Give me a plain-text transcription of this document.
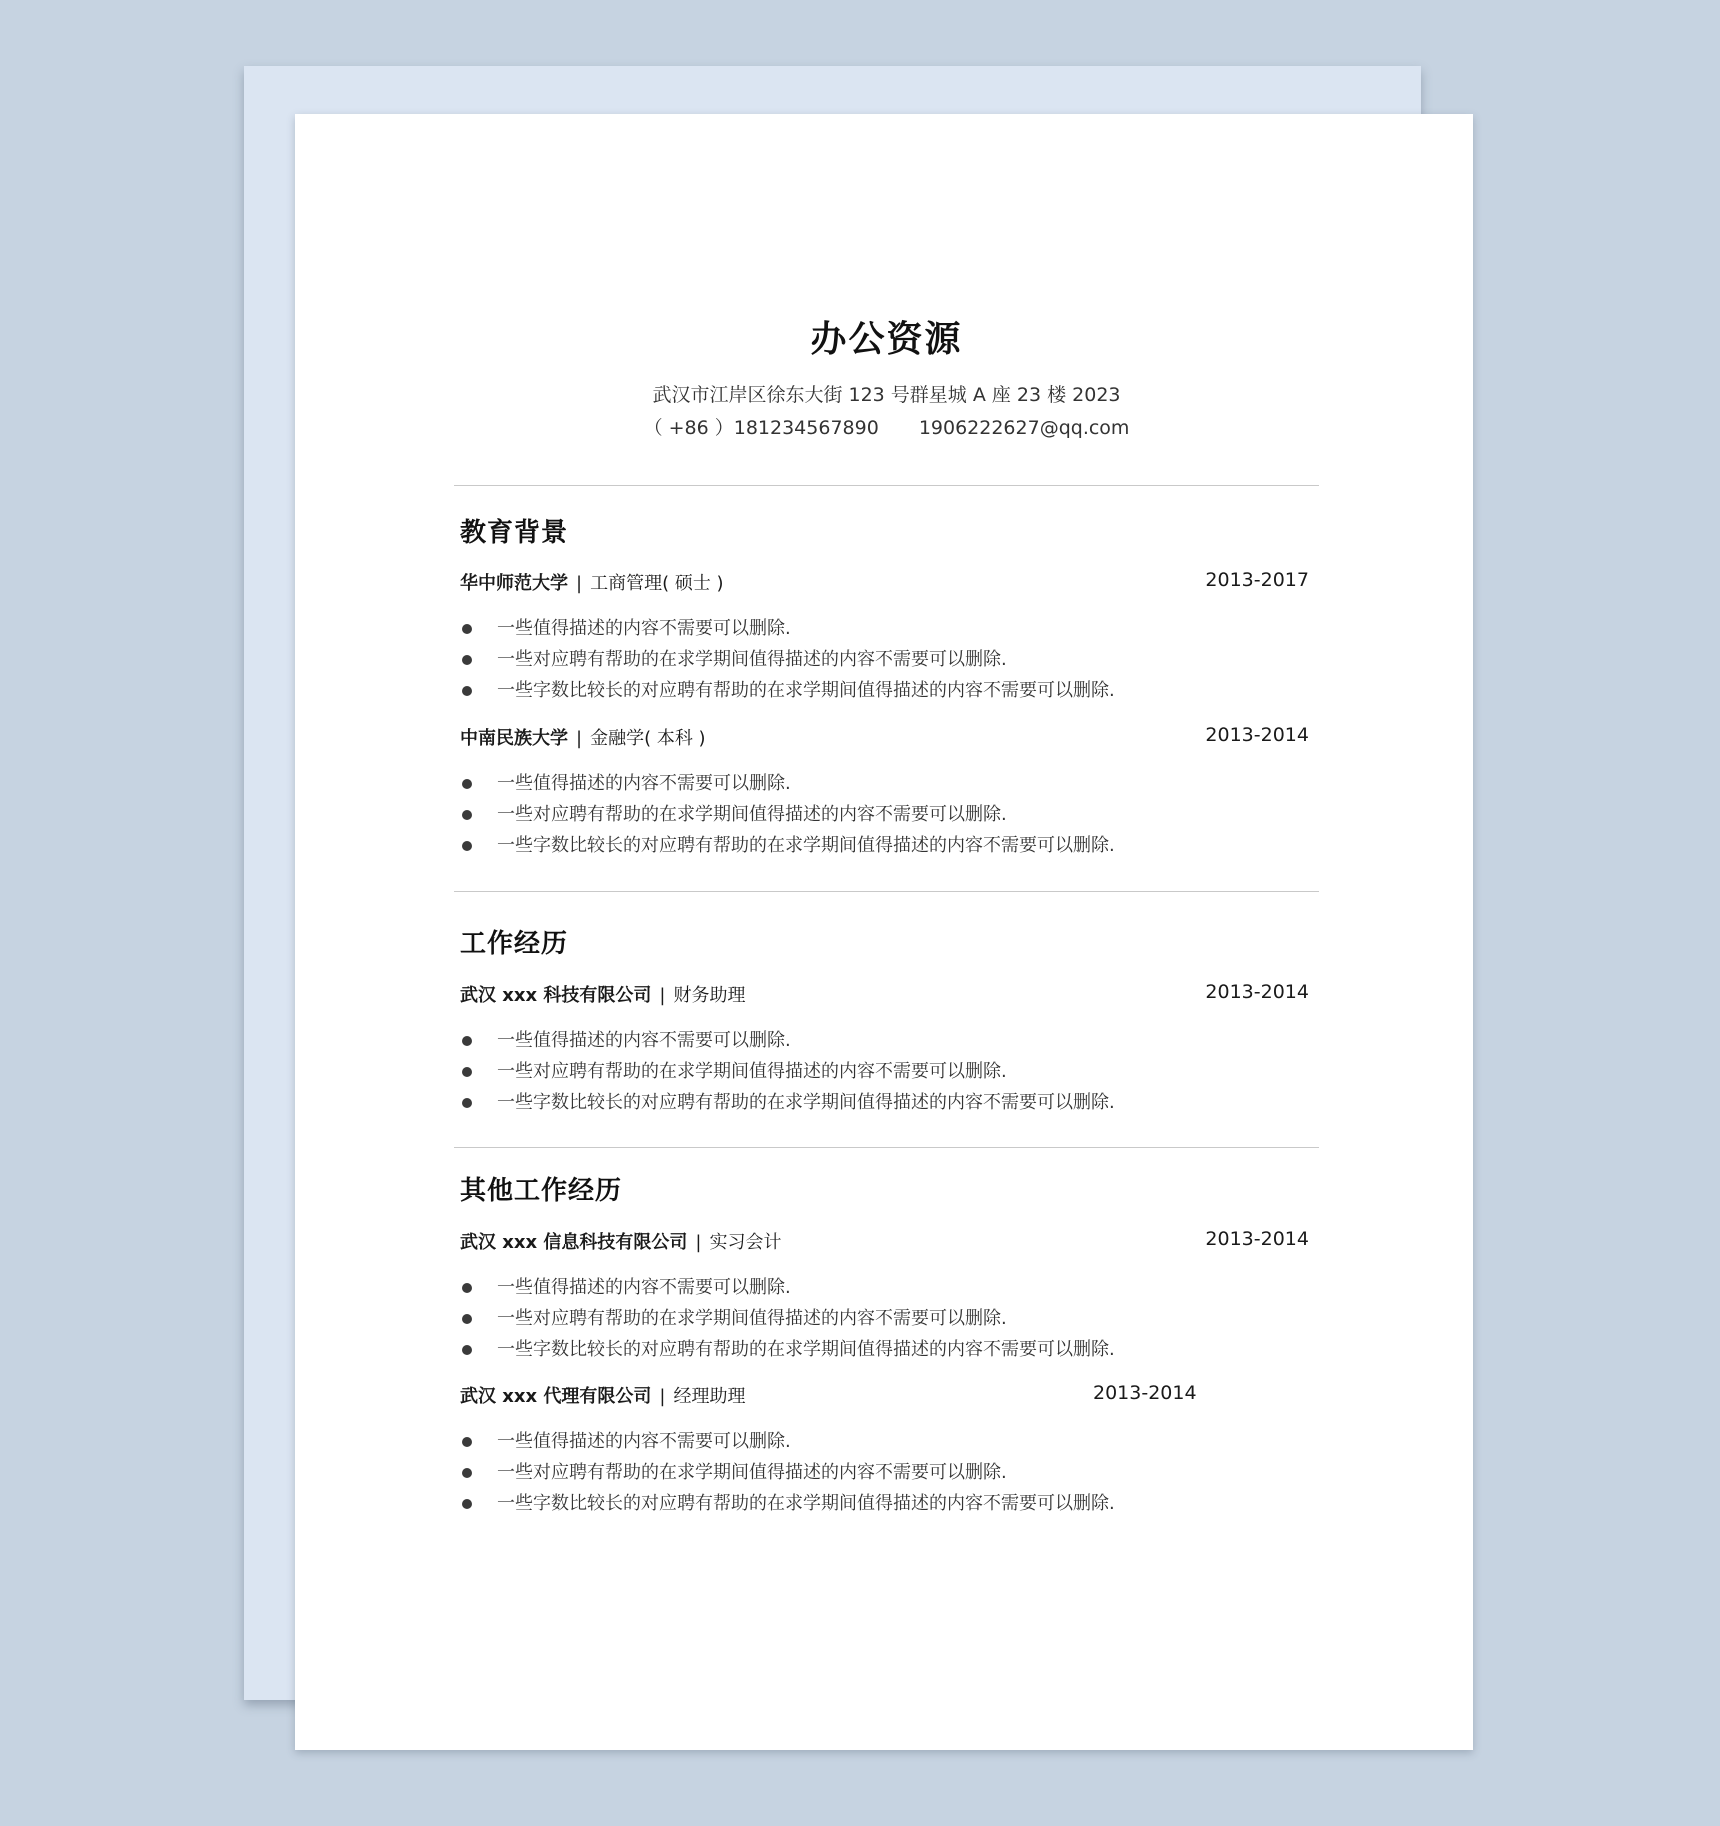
办公资源
武汉市江岸区徐东大街 123 号群星城 A 座 23 楼 2023
（ +86 ）181234567890 1906222627@qq.com
教育背景
华中师范大学 | 工商管理( 硕士 )	2013-2017
一些值得描述的内容不需要可以删除.
一些对应聘有帮助的在求学期间值得描述的内容不需要可以删除.
一些字数比较长的对应聘有帮助的在求学期间值得描述的内容不需要可以删除.
中南民族大学 | 金融学( 本科 )	2013-2014
一些值得描述的内容不需要可以删除.
一些对应聘有帮助的在求学期间值得描述的内容不需要可以删除.
一些字数比较长的对应聘有帮助的在求学期间值得描述的内容不需要可以删除.
工作经历
武汉 xxx 科技有限公司 | 财务助理	2013-2014
一些值得描述的内容不需要可以删除.
一些对应聘有帮助的在求学期间值得描述的内容不需要可以删除.
一些字数比较长的对应聘有帮助的在求学期间值得描述的内容不需要可以删除.
其他工作经历
武汉 xxx 信息科技有限公司 | 实习会计	2013-2014
一些值得描述的内容不需要可以删除.
一些对应聘有帮助的在求学期间值得描述的内容不需要可以删除.
一些字数比较长的对应聘有帮助的在求学期间值得描述的内容不需要可以删除.
武汉 xxx 代理有限公司 | 经理助理	2013-2014
一些值得描述的内容不需要可以删除.
一些对应聘有帮助的在求学期间值得描述的内容不需要可以删除.
一些字数比较长的对应聘有帮助的在求学期间值得描述的内容不需要可以删除.
